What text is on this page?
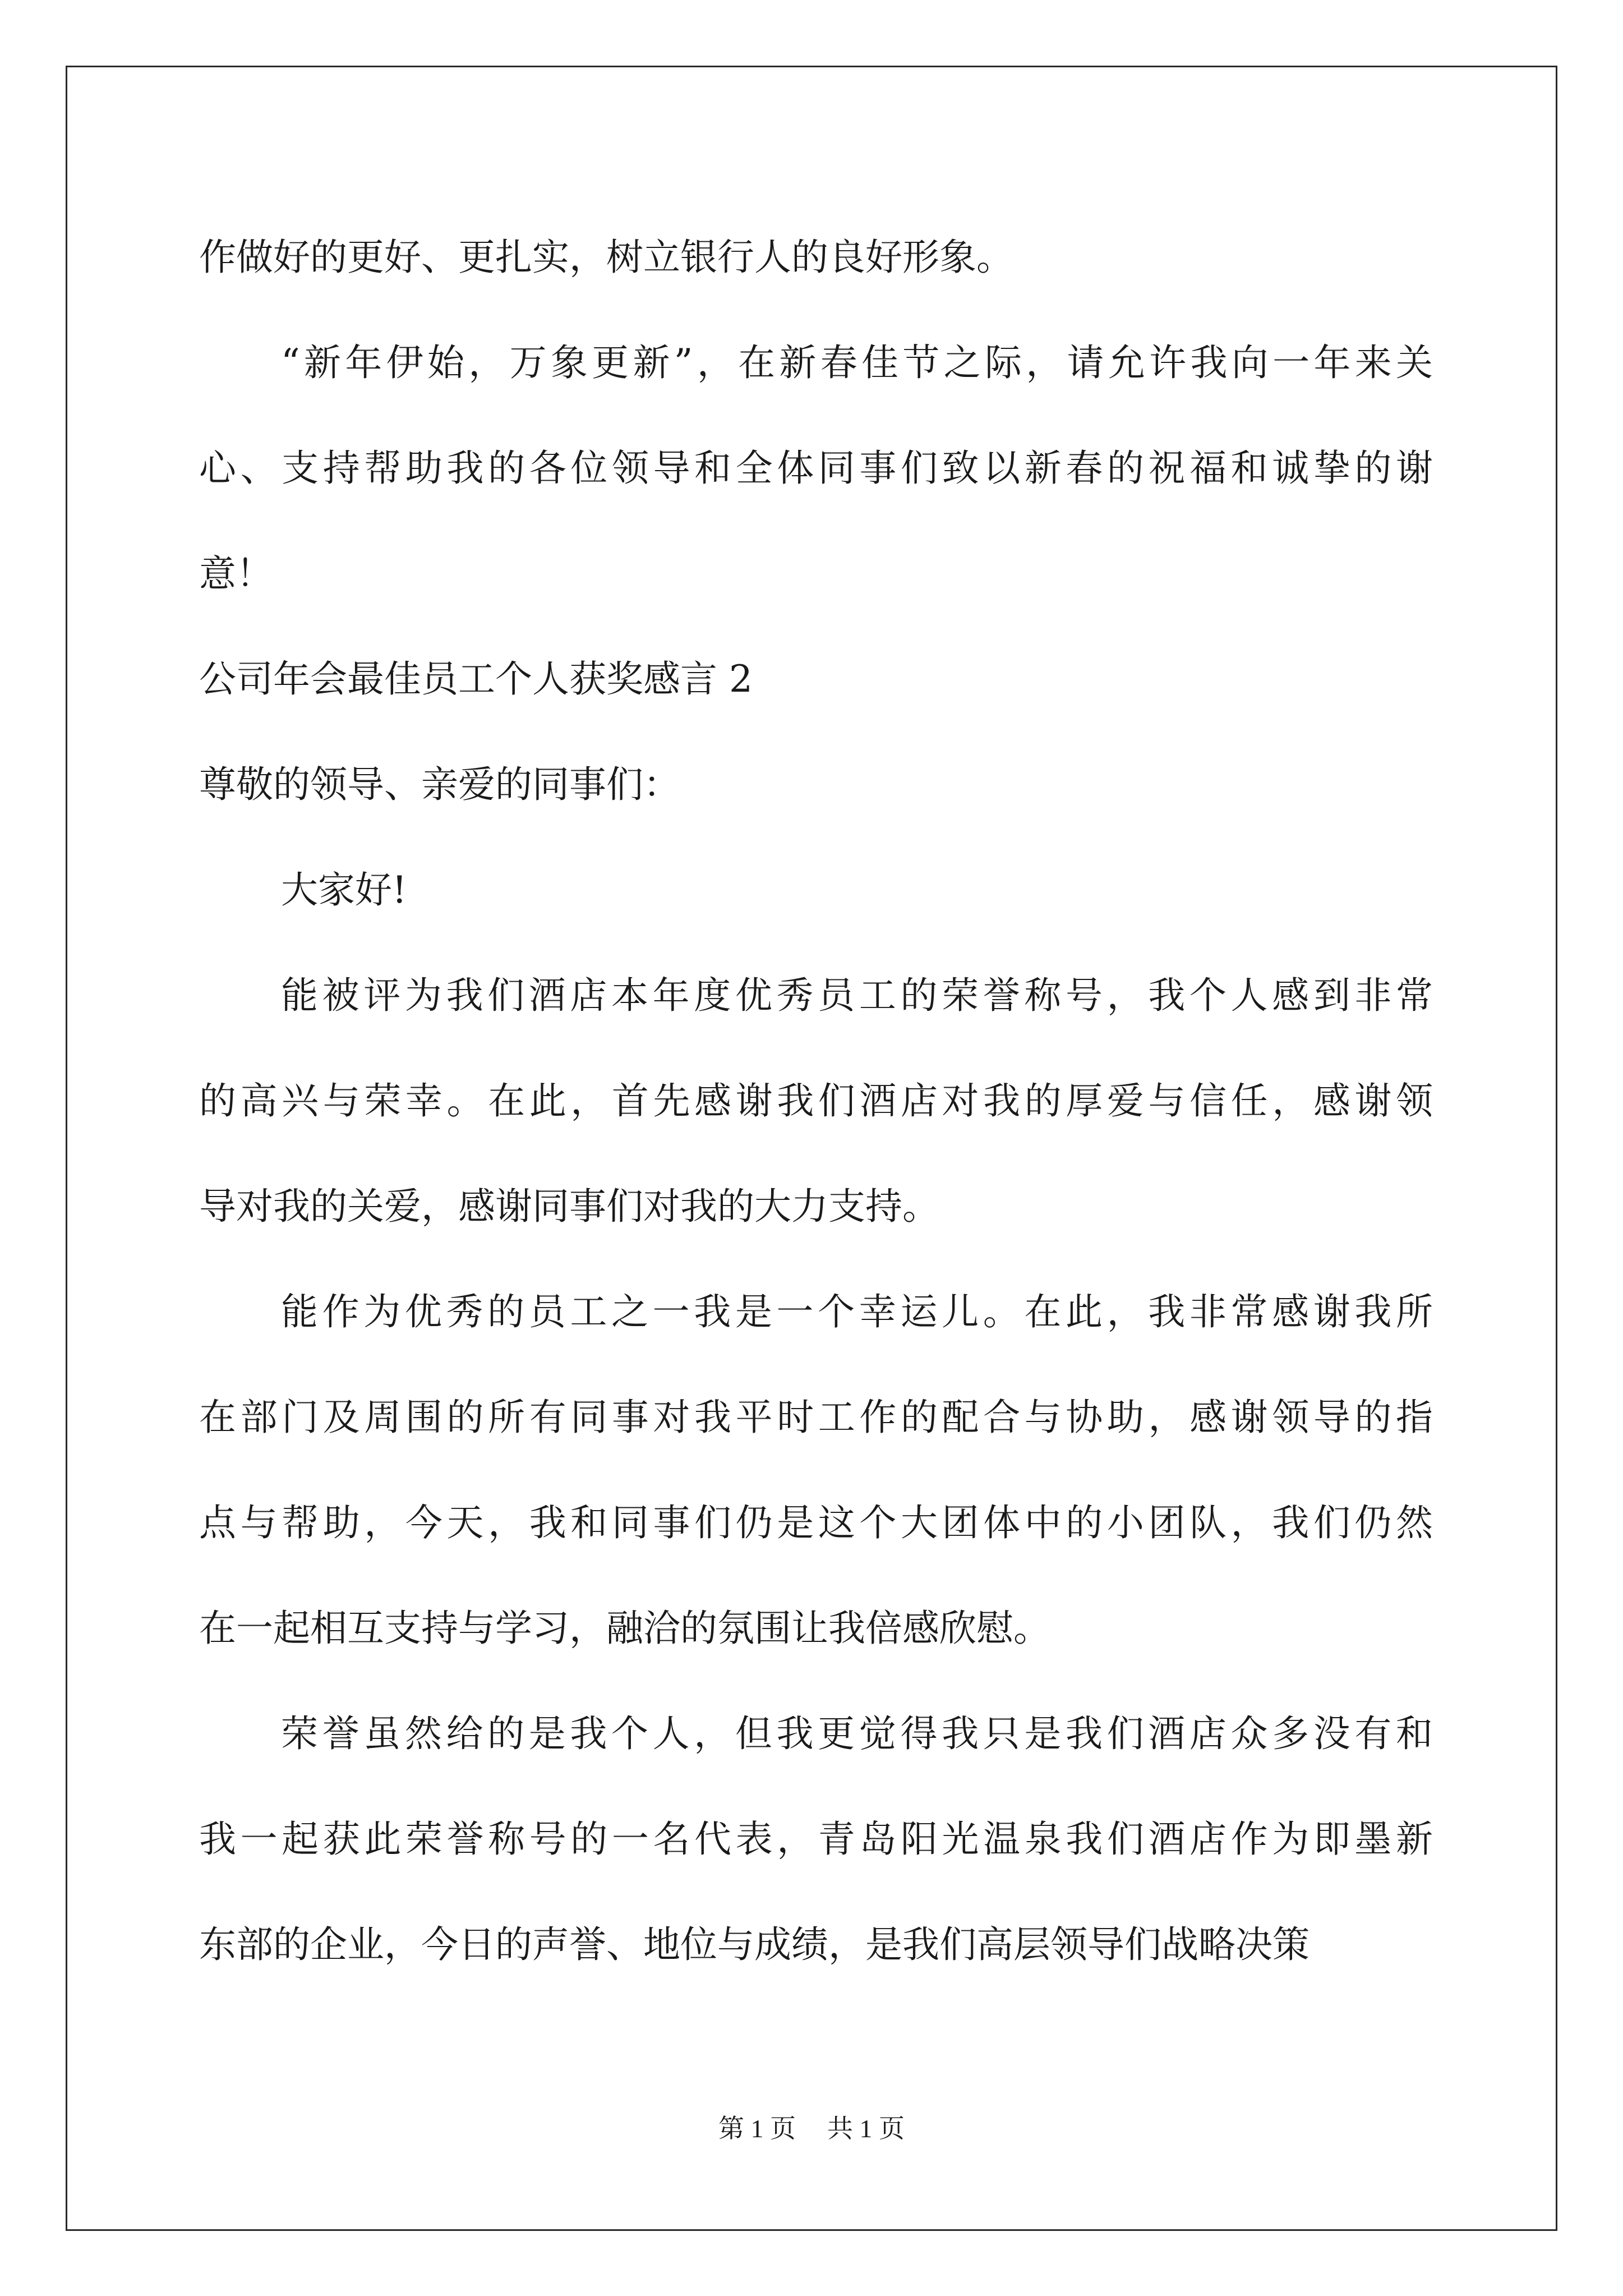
作做好的更好、更扎实，树立银行人的良好形象。

“新年伊始，万象更新”，在新春佳节之际，请允许我向一年来关

心、支持帮助我的各位领导和全体同事们致以新春的祝福和诚挚的谢

意！

公司年会最佳员工个人获奖感言 2

尊敬的领导、亲爱的同事们：

大家好!

能被评为我们酒店本年度优秀员工的荣誉称号，我个人感到非常

的高兴与荣幸。在此，首先感谢我们酒店对我的厚爱与信任，感谢领

导对我的关爱，感谢同事们对我的大力支持。

能作为优秀的员工之一我是一个幸运儿。在此，我非常感谢我所

在部门及周围的所有同事对我平时工作的配合与协助，感谢领导的指

点与帮助，今天，我和同事们仍是这个大团体中的小团队，我们仍然

在一起相互支持与学习，融洽的氛围让我倍感欣慰。

荣誉虽然给的是我个人，但我更觉得我只是我们酒店众多没有和

我一起获此荣誉称号的一名代表，青岛阳光温泉我们酒店作为即墨新

东部的企业，今日的声誉、地位与成绩，是我们高层领导们战略决策

第 1 页 共 1 页
